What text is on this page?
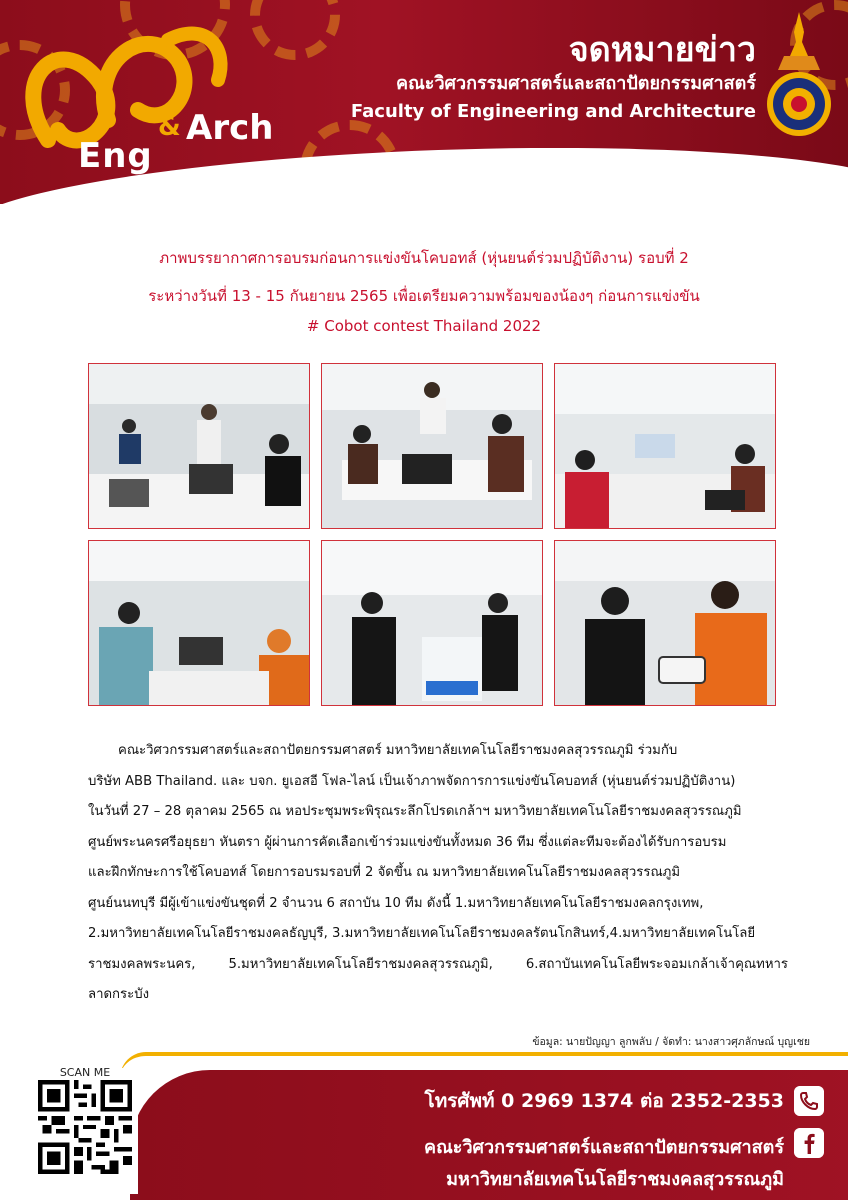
& Arch
Eng
จดหมายข่าว
คณะวิศวกรรมศาสตร์และสถาปัตยกรรมศาสตร์
Faculty of Engineering and Architecture
ภาพบรรยากาศการอบรมก่อนการแข่งขันโคบอทส์ (หุ่นยนต์ร่วมปฏิบัติงาน) รอบที่ 2
ระหว่างวันที่ 13 - 15 กันยายน 2565 เพื่อเตรียมความพร้อมของน้องๆ ก่อนการแข่งขัน
# Cobot contest Thailand 2022
คณะวิศวกรรมศาสตร์และสถาปัตยกรรมศาสตร์ มหาวิทยาลัยเทคโนโลยีราชมงคลสุวรรณภูมิ ร่วมกับ
บริษัท ABB Thailand. และ บจก. ยูเอสอี โฟล-ไลน์ เป็นเจ้าภาพจัดการการแข่งขันโคบอทส์ (หุ่นยนต์ร่วมปฏิบัติงาน)
ในวันที่ 27 – 28 ตุลาคม 2565 ณ หอประชุมพระพิรุณระลึกโปรดเกล้าฯ มหาวิทยาลัยเทคโนโลยีราชมงคลสุวรรณภูมิ
ศูนย์พระนครศรีอยุธยา หันตรา ผู้ผ่านการคัดเลือกเข้าร่วมแข่งขันทั้งหมด 36 ทีม ซึ่งแต่ละทีมจะต้องได้รับการอบรม
และฝึกทักษะการใช้โคบอทส์ โดยการอบรมรอบที่ 2 จัดขึ้น ณ มหาวิทยาลัยเทคโนโลยีราชมงคลสุวรรณภูมิ
ศูนย์นนทบุรี มีผู้เข้าแข่งขันชุดที่ 2 จำนวน 6 สถาบัน 10 ทีม ดังนี้ 1.มหาวิทยาลัยเทคโนโลยีราชมงคลกรุงเทพ,
2.มหาวิทยาลัยเทคโนโลยีราชมงคลธัญบุรี, 3.มหาวิทยาลัยเทคโนโลยีราชมงคลรัตนโกสินทร์,4.มหาวิทยาลัยเทคโนโลยี
ราชมงคลพระนคร, 5.มหาวิทยาลัยเทคโนโลยีราชมงคลสุวรรณภูมิ, 6.สถาบันเทคโนโลยีพระจอมเกล้าเจ้าคุณทหารลาดกระบัง
ข้อมูล: นายปัญญา ลูกพลับ / จัดทำ: นางสาวศุภลักษณ์ บุญเชย
SCAN ME
โทรศัพท์ 0 2969 1374 ต่อ 2352-2353
คณะวิศวกรรมศาสตร์และสถาปัตยกรรมศาสตร์
มหาวิทยาลัยเทคโนโลยีราชมงคลสุวรรณภูมิ
